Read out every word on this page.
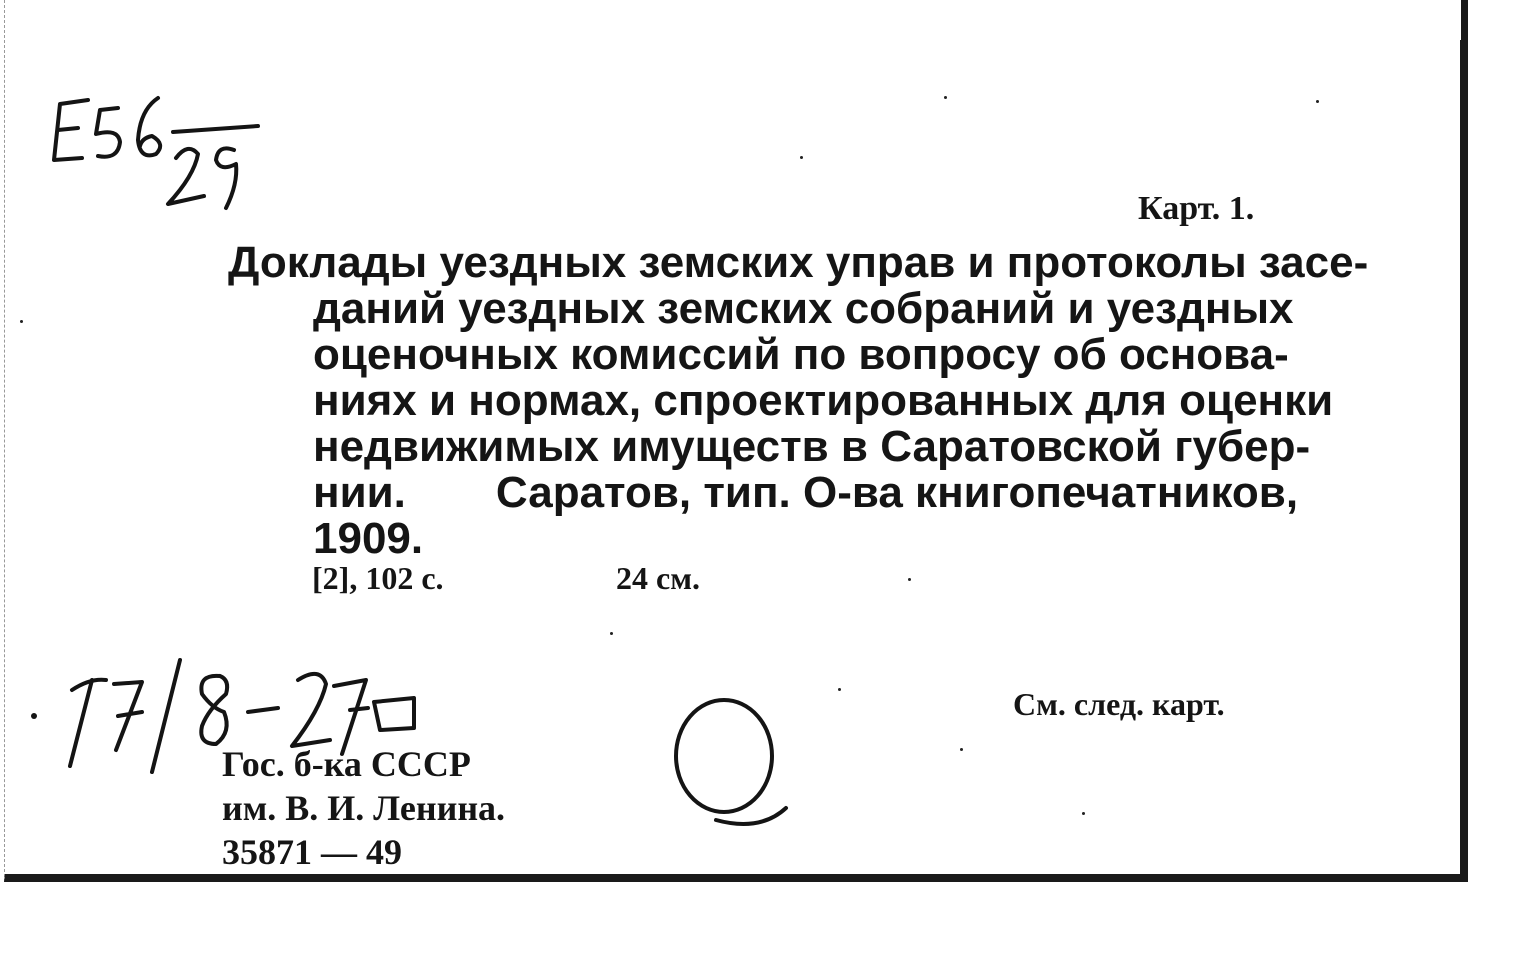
Карт. 1.
Доклады уездных земских управ и протоколы засе-
даний уездных земских собраний и уездных
оценочных комиссий по вопросу об основа-
ниях и нормах, спроектированных для оценки
недвижимых имуществ в Саратовской губер-
нии. Саратов, тип. О-ва книгопечатников,
1909.
[2], 102 с.	24 см.
См. след. карт.
Гос. б-ка СССР
им. В. И. Ленина.
35871 — 49
